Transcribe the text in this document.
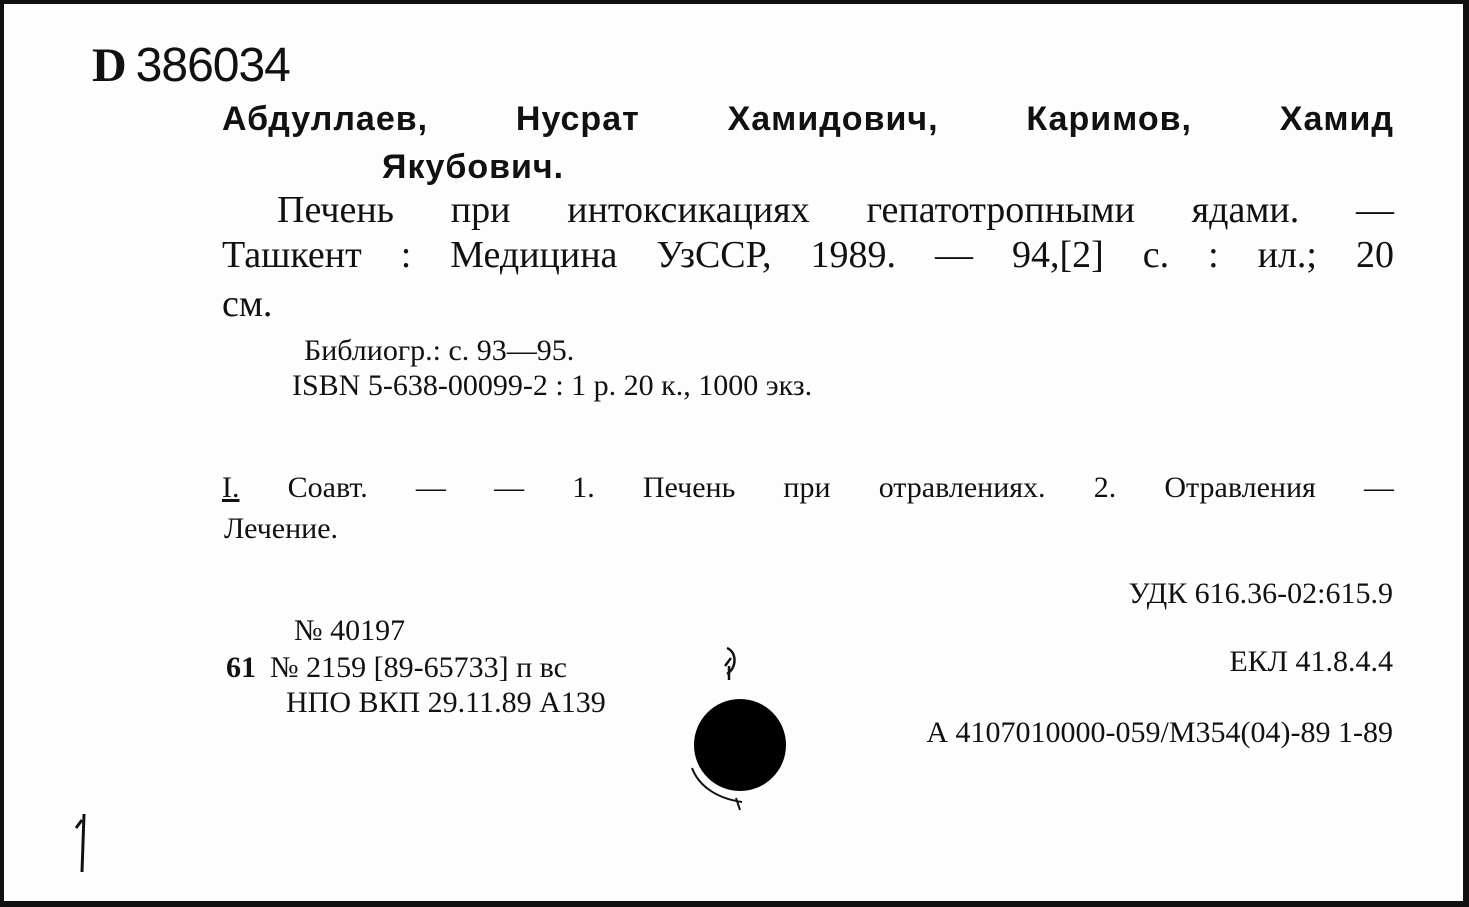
D 386034
Абдуллаев,	Нусрат	Хамидович,	Каримов,	Хамид
Якубович.
Печень при интоксикациях гепатотропными ядами. —
Ташкент : Медицина УзССР, 1989. — 94,[2] с. : ил.; 20
см.
Библиогр.: с. 93—95.
ISBN 5-638-00099-2 : 1 р. 20 к., 1000 экз.
I. Соавт. — — 1. Печень при отравлениях. 2. Отравления —
Лечение.
УДК 616.36-02:615.9
ЕКЛ 41.8.4.4
А 4107010000-059/М354(04)-89 1-89
№ 40197
61 № 2159 [89-65733] п вс
НПО ВКП 29.11.89 А139
